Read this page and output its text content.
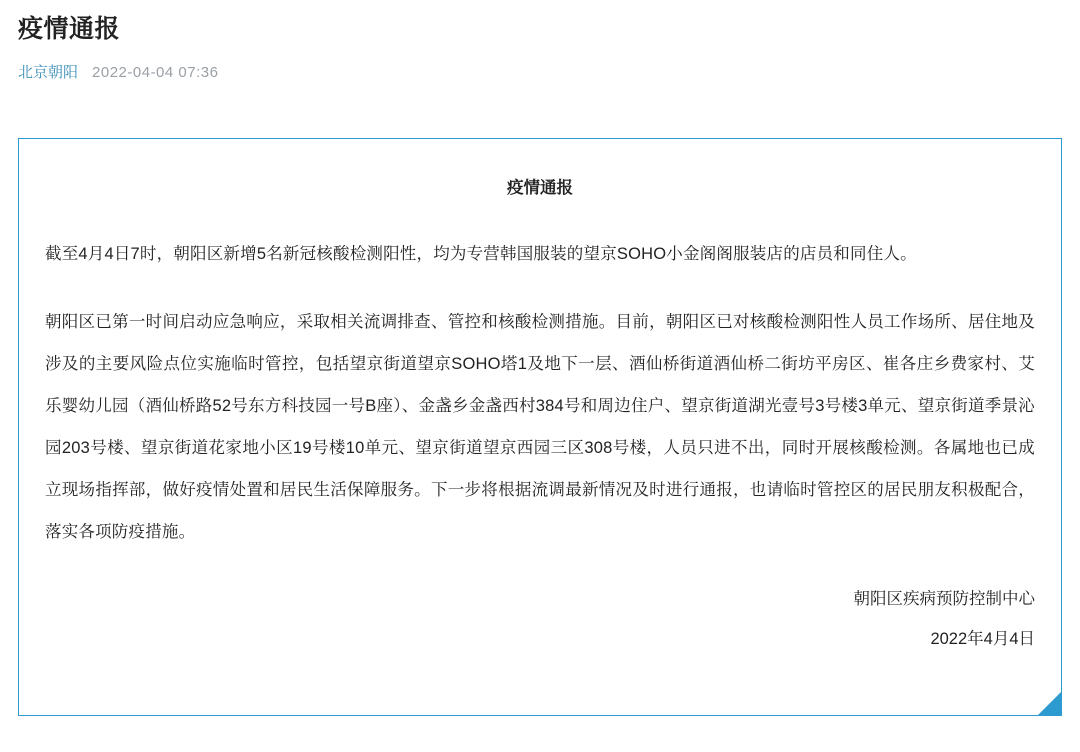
疫情通报
北京朝阳 2022-04-04 07:36
疫情通报

截至4月4日7时，朝阳区新增5名新冠核酸检测阳性，均为专营韩国服装的望京SOHO小金阁阁服装店的店员和同住人。

朝阳区已第一时间启动应急响应，采取相关流调排查、管控和核酸检测措施。目前，朝阳区已对核酸检测阳性人员工作场所、居住地及涉及的主要风险点位实施临时管控，包括望京街道望京SOHO塔1及地下一层、酒仙桥街道酒仙桥二街坊平房区、崔各庄乡费家村、艾乐婴幼儿园（酒仙桥路52号东方科技园一号B座）、金盏乡金盏西村384号和周边住户、望京街道湖光壹号3号楼3单元、望京街道季景沁园203号楼、望京街道花家地小区19号楼10单元、望京街道望京西园三区308号楼，人员只进不出，同时开展核酸检测。各属地也已成立现场指挥部，做好疫情处置和居民生活保障服务。下一步将根据流调最新情况及时进行通报，也请临时管控区的居民朋友积极配合，落实各项防疫措施。

朝阳区疾病预防控制中心
2022年4月4日
